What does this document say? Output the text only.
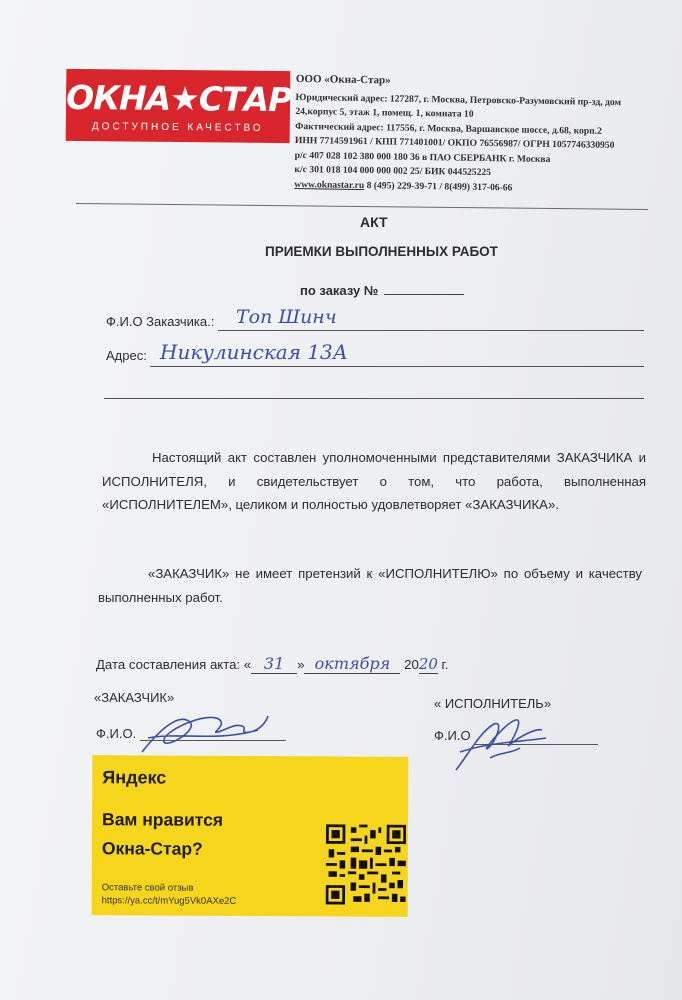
ОКНА★СТАР
ДОСТУПНОЕ КАЧЕСТВО
ООО «Окна-Стар»
Юридический адрес: 127287, г. Москва, Петровско-Разумовский пр-зд, дом
24,корпус 5, этаж 1, помещ. 1, комната 10
Фактический адрес: 117556, г. Москва, Варшавское шоссе, д.68, корп.2
ИНН 7714591961 / КПП 771401001/ ОКПО 76556987/ ОГРН 1057746330950
р/с 407 028 102 380 000 180 36 в ПАО СБЕРБАНК г. Москва
к/с 301 018 104 000 000 002 25/ БИК 044525225
www.oknastar.ru 8 (495) 229-39-71 / 8(499) 317-06-66
АКТ
ПРИЕМКИ ВЫПОЛНЕННЫХ РАБОТ
по заказу №
Ф.И.О Заказчика.: Топ Шинч
Адрес: Никулинская 13А
Настоящий акт составлен уполномоченными представителями ЗАКАЗЧИКА и ИСПОЛНИТЕЛЯ, и свидетельствует о том, что работа, выполненная «ИСПОЛНИТЕЛЕМ», целиком и полностью удовлетворяет «ЗАКАЗЧИКА».
«ЗАКАЗЧИК» не имеет претензий к «ИСПОЛНИТЕЛЮ» по объему и качеству выполненных работ.
Дата составления акта: « 31 » октября 2020 г.
«ЗАКАЗЧИК»
Ф.И.О.
« ИСПОЛНИТЕЛЬ»
Ф.И.О
Яндекс
Вам нравится
Окна-Стар?
Оставьте свой отзыв
https://ya.cc/t/mYug5Vk0AXe2C
